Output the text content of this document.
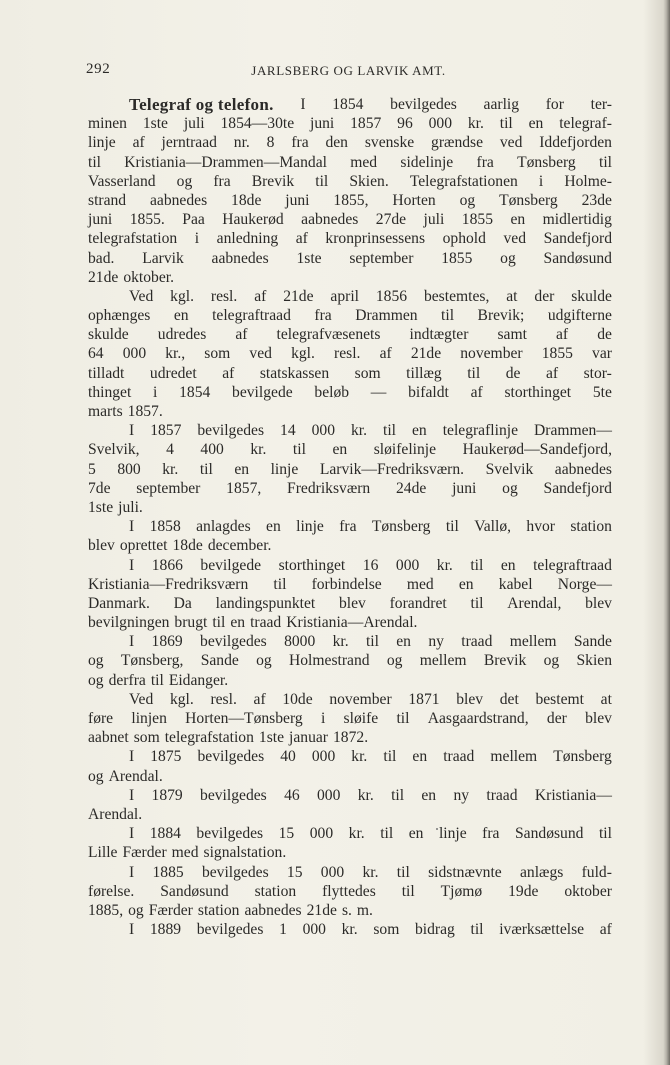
292	JARLSBERG OG LARVIK AMT.
Telegraf og telefon. I 1854 bevilgedes aarlig for ter-
minen 1ste juli 1854—30te juni 1857 96 000 kr. til en telegraf-
linje af jerntraad nr. 8 fra den svenske grændse ved Iddefjorden
til Kristiania—Drammen—Mandal med sidelinje fra Tønsberg til
Vasserland og fra Brevik til Skien. Telegrafstationen i Holme-
strand aabnedes 18de juni 1855, Horten og Tønsberg 23de
juni 1855. Paa Haukerød aabnedes 27de juli 1855 en midlertidig
telegrafstation i anledning af kronprinsessens ophold ved Sandefjord
bad. Larvik aabnedes 1ste september 1855 og Sandøsund
21de oktober.
Ved kgl. resl. af 21de april 1856 bestemtes, at der skulde
ophænges en telegraftraad fra Drammen til Brevik; udgifterne
skulde udredes af telegrafvæsenets indtægter samt af de
64 000 kr., som ved kgl. resl. af 21de november 1855 var
tilladt udredet af statskassen som tillæg til de af stor-
thinget i 1854 bevilgede beløb — bifaldt af storthinget 5te
marts 1857.
I 1857 bevilgedes 14 000 kr. til en telegraflinje Drammen—
Svelvik, 4 400 kr. til en sløifelinje Haukerød—Sandefjord,
5 800 kr. til en linje Larvik—Fredriksværn. Svelvik aabnedes
7de september 1857, Fredriksværn 24de juni og Sandefjord
1ste juli.
I 1858 anlagdes en linje fra Tønsberg til Vallø, hvor station
blev oprettet 18de december.
I 1866 bevilgede storthinget 16 000 kr. til en telegraftraad
Kristiania—Fredriksværn til forbindelse med en kabel Norge—
Danmark. Da landingspunktet blev forandret til Arendal, blev
bevilgningen brugt til en traad Kristiania—Arendal.
I 1869 bevilgedes 8000 kr. til en ny traad mellem Sande
og Tønsberg, Sande og Holmestrand og mellem Brevik og Skien
og derfra til Eidanger.
Ved kgl. resl. af 10de november 1871 blev det bestemt at
føre linjen Horten—Tønsberg i sløife til Aasgaardstrand, der blev
aabnet som telegrafstation 1ste januar 1872.
I 1875 bevilgedes 40 000 kr. til en traad mellem Tønsberg
og Arendal.
I 1879 bevilgedes 46 000 kr. til en ny traad Kristiania—
Arendal.
I 1884 bevilgedes 15 000 kr. til en linje fra Sandøsund til
Lille Færder med signalstation.
I 1885 bevilgedes 15 000 kr. til sidstnævnte anlægs fuld-
førelse. Sandøsund station flyttedes til Tjømø 19de oktober
1885, og Færder station aabnedes 21de s. m.
I 1889 bevilgedes 1 000 kr. som bidrag til iværksættelse af
